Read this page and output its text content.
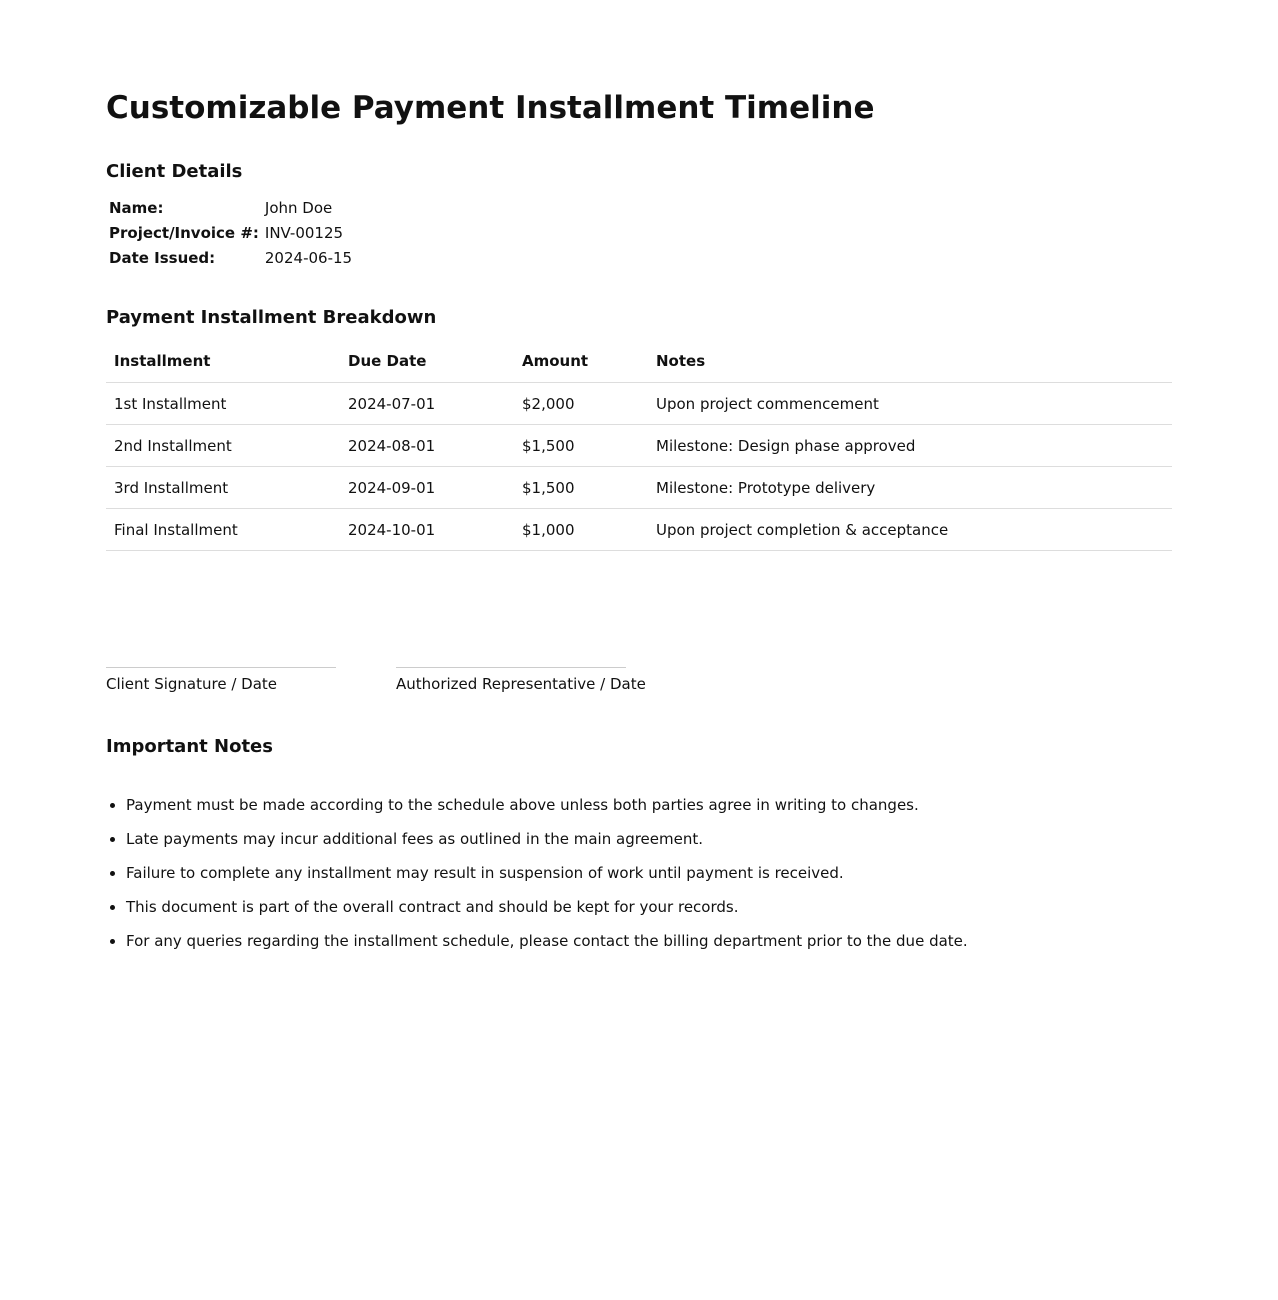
Customizable Payment Installment Timeline
Client Details
Name:	John Doe
Project/Invoice #:	INV-00125
Date Issued:	2024-06-15
Payment Installment Breakdown
Installment	Due Date	Amount	Notes
1st Installment	2024-07-01	$2,000	Upon project commencement
2nd Installment	2024-08-01	$1,500	Milestone: Design phase approved
3rd Installment	2024-09-01	$1,500	Milestone: Prototype delivery
Final Installment	2024-10-01	$1,000	Upon project completion & acceptance
Client Signature / Date	Authorized Representative / Date
Important Notes
• Payment must be made according to the schedule above unless both parties agree in writing to changes.
• Late payments may incur additional fees as outlined in the main agreement.
• Failure to complete any installment may result in suspension of work until payment is received.
• This document is part of the overall contract and should be kept for your records.
• For any queries regarding the installment schedule, please contact the billing department prior to the due date.
